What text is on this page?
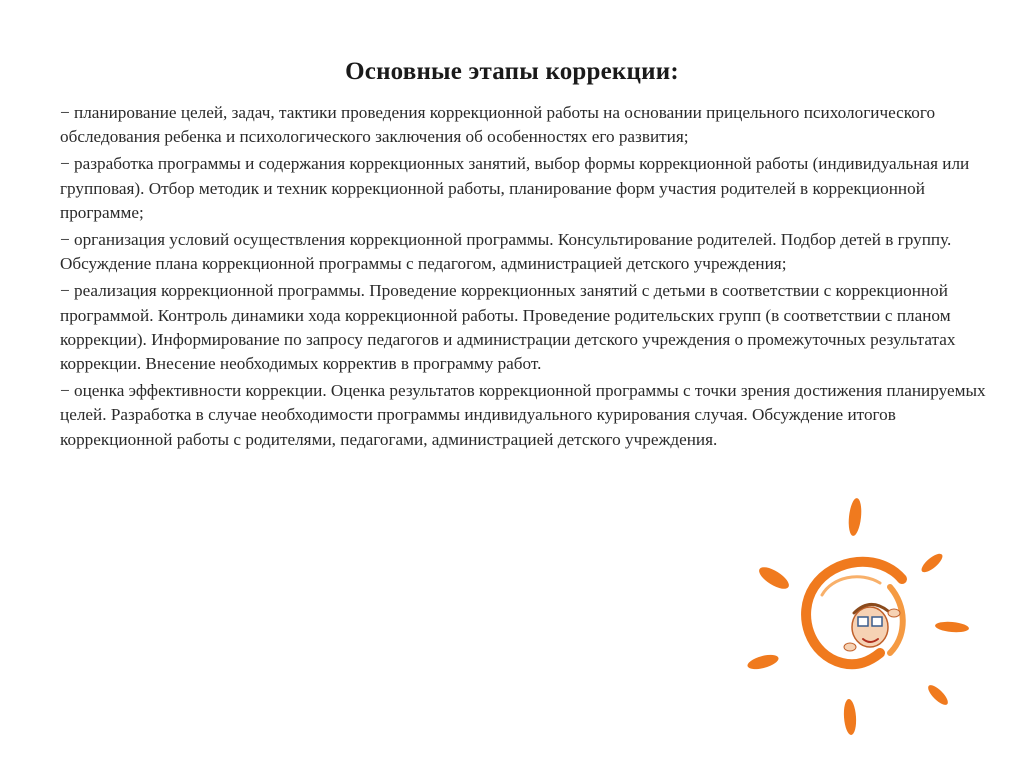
Основные этапы коррекции:

− планирование целей, задач, тактики проведения коррекционной работы на основании прицельного психологического обследования ребенка и психологического заключения об особенностях его развития;

− разработка программы и содержания коррекционных занятий, выбор формы коррекционной работы (индивидуальная или групповая). Отбор методик и техник коррекционной работы, планирование форм участия родителей в коррекционной программе;

− организация условий осуществления коррекционной программы. Консультирование родителей. Подбор детей в группу. Обсуждение плана коррекционной программы с педагогом, администрацией детского учреждения;

− реализация коррекционной программы. Проведение коррекционных занятий с детьми в соответствии с коррекционной программой. Контроль динамики хода коррекционной работы. Проведение родительских групп (в соответствии с планом коррекции). Информирование по запросу педагогов и администрации детского учреждения о промежуточных результатах коррекции. Внесение необходимых корректив в программу работ.

− оценка эффективности коррекции. Оценка результатов коррекционной программы с точки зрения достижения планируемых целей. Разработка в случае необходимости программы индивидуального курирования случая. Обсуждение итогов коррекционной работы с родителями, педагогами, администрацией детского учреждения.
